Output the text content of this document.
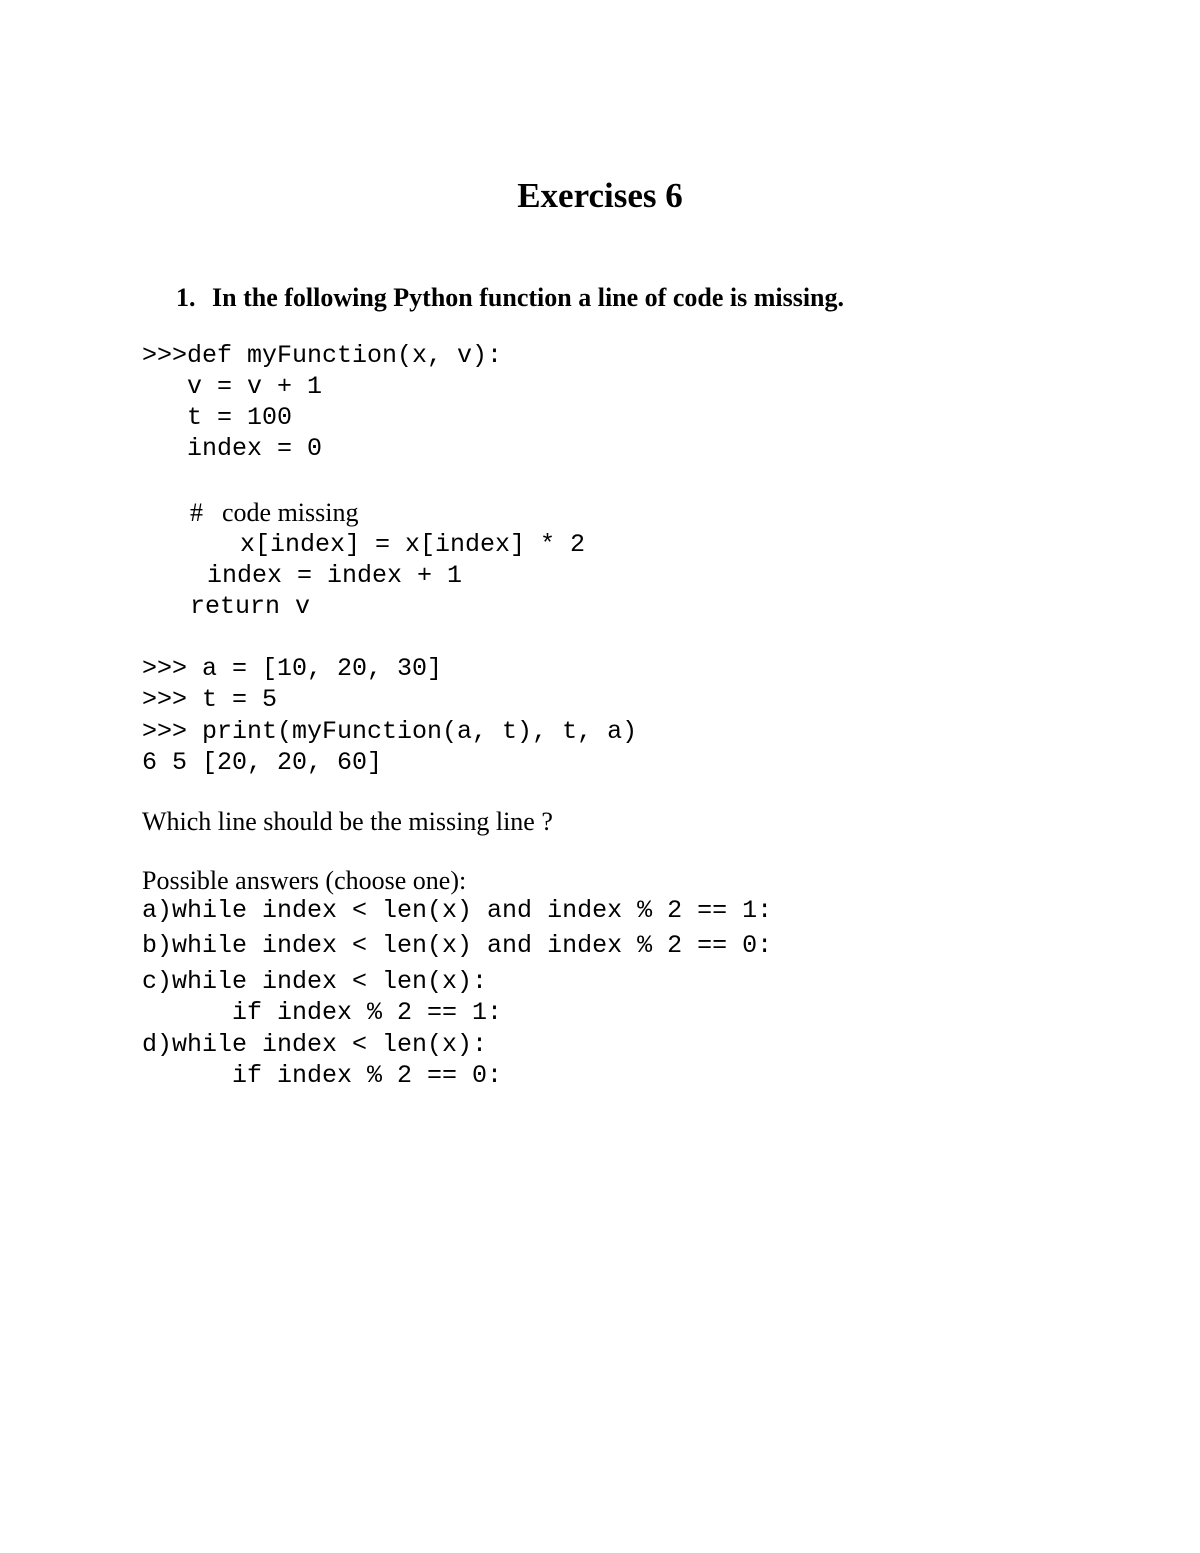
Exercises 6
1. In the following Python function a line of code is missing.
>>>def myFunction(x, v):
v = v + 1
t = 100
index = 0
# code missing
x[index] = x[index] * 2
index = index + 1
return v
>>> a = [10, 20, 30]
>>> t = 5
>>> print(myFunction(a, t), t, a)
6 5 [20, 20, 60]
Which line should be the missing line ?
Possible answers (choose one):
a)while index < len(x) and index % 2 == 1:
b)while index < len(x) and index % 2 == 0:
c)while index < len(x):
if index % 2 == 1:
d)while index < len(x):
if index % 2 == 0:
